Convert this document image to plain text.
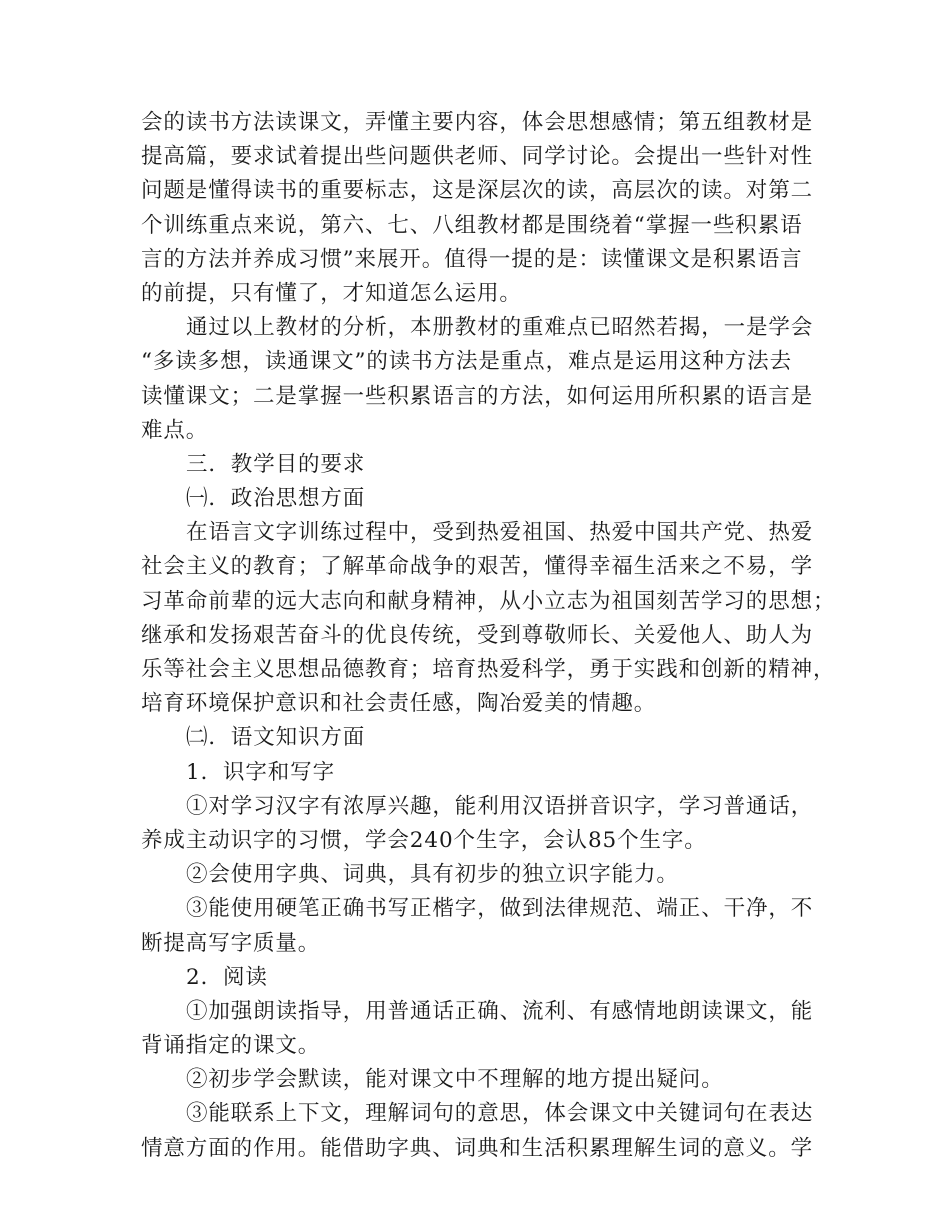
会的读书方法读课文，弄懂主要内容，体会思想感情；第五组教材是
提高篇，要求试着提出些问题供老师、同学讨论。会提出一些针对性
问题是懂得读书的重要标志，这是深层次的读，高层次的读。对第二
个训练重点来说，第六、七、八组教材都是围绕着“掌握一些积累语
言的方法并养成习惯”来展开。值得一提的是：读懂课文是积累语言
的前提，只有懂了，才知道怎么运用。
通过以上教材的分析，本册教材的重难点已昭然若揭，一是学会
“多读多想，读通课文”的读书方法是重点，难点是运用这种方法去
读懂课文；二是掌握一些积累语言的方法，如何运用所积累的语言是
难点。
三．教学目的要求
㈠．政治思想方面
在语言文字训练过程中，受到热爱祖国、热爱中国共产党、热爱
社会主义的教育；了解革命战争的艰苦，懂得幸福生活来之不易，学
习革命前辈的远大志向和献身精神，从小立志为祖国刻苦学习的思想；
继承和发扬艰苦奋斗的优良传统，受到尊敬师长、关爱他人、助人为
乐等社会主义思想品德教育；培育热爱科学，勇于实践和创新的精神，
培育环境保护意识和社会责任感，陶冶爱美的情趣。
㈡．语文知识方面
1．识字和写字
①对学习汉字有浓厚兴趣，能利用汉语拼音识字，学习普通话，
养成主动识字的习惯，学会240个生字，会认85个生字。
②会使用字典、词典，具有初步的独立识字能力。
③能使用硬笔正确书写正楷字，做到法律规范、端正、干净，不
断提高写字质量。
2．阅读
①加强朗读指导，用普通话正确、流利、有感情地朗读课文，能
背诵指定的课文。
②初步学会默读，能对课文中不理解的地方提出疑问。
③能联系上下文，理解词句的意思，体会课文中关键词句在表达
情意方面的作用。能借助字典、词典和生活积累理解生词的意义。学
